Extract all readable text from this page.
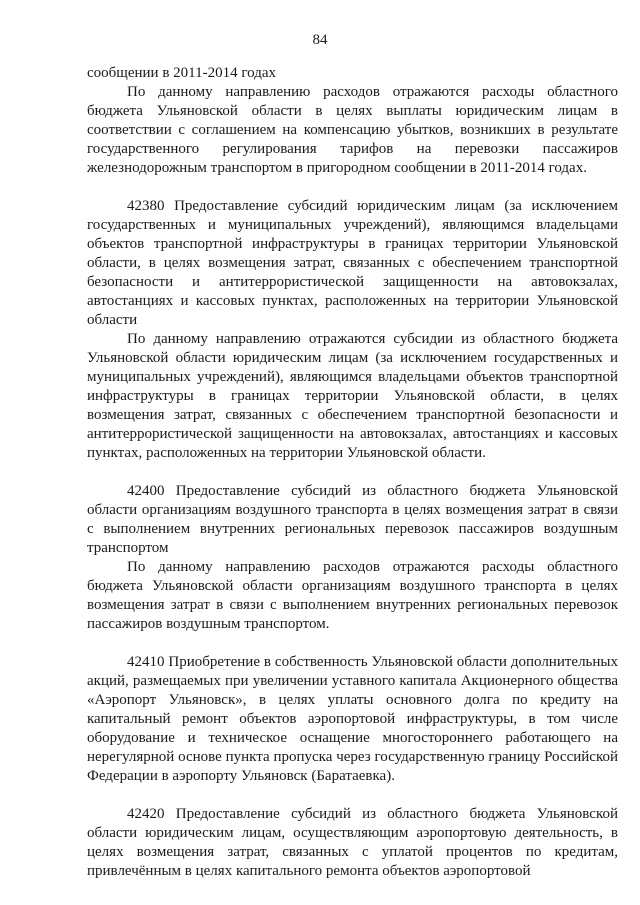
84

сообщении в 2011-2014 годах

По данному направлению расходов отражаются расходы областного бюджета Ульяновской области в целях выплаты юридическим лицам в соответствии с соглашением на компенсацию убытков, возникших в результате государственного регулирования тарифов на перевозки пассажиров железнодорожным транспортом в пригородном сообщении в 2011-2014 годах.

42380 Предоставление субсидий юридическим лицам (за исключением государственных и муниципальных учреждений), являющимся владельцами объектов транспортной инфраструктуры в границах территории Ульяновской области, в целях возмещения затрат, связанных с обеспечением транспортной безопасности и антитеррористической защищенности на автовокзалах, автостанциях и кассовых пунктах, расположенных на территории Ульяновской области

По данному направлению отражаются субсидии из областного бюджета Ульяновской области юридическим лицам (за исключением государственных и муниципальных учреждений), являющимся владельцами объектов транспортной инфраструктуры в границах территории Ульяновской области, в целях возмещения затрат, связанных с обеспечением транспортной безопасности и антитеррористической защищенности на автовокзалах, автостанциях и кассовых пунктах, расположенных на территории Ульяновской области.

42400 Предоставление субсидий из областного бюджета Ульяновской области организациям воздушного транспорта в целях возмещения затрат в связи с выполнением внутренних региональных перевозок пассажиров воздушным транспортом

По данному направлению расходов отражаются расходы областного бюджета Ульяновской области организациям воздушного транспорта в целях возмещения затрат в связи с выполнением внутренних региональных перевозок пассажиров воздушным транспортом.

42410 Приобретение в собственность Ульяновской области дополнительных акций, размещаемых при увеличении уставного капитала Акционерного общества «Аэропорт Ульяновск», в целях уплаты основного долга по кредиту на капитальный ремонт объектов аэропортовой инфраструктуры, в том числе оборудование и техническое оснащение многостороннего работающего на нерегулярной основе пункта пропуска через государственную границу Российской Федерации в аэропорту Ульяновск (Баратаевка).

42420 Предоставление субсидий из областного бюджета Ульяновской области юридическим лицам, осуществляющим аэропортовую деятельность, в целях возмещения затрат, связанных с уплатой процентов по кредитам, привлечённым в целях капитального ремонта объектов аэропортовой
